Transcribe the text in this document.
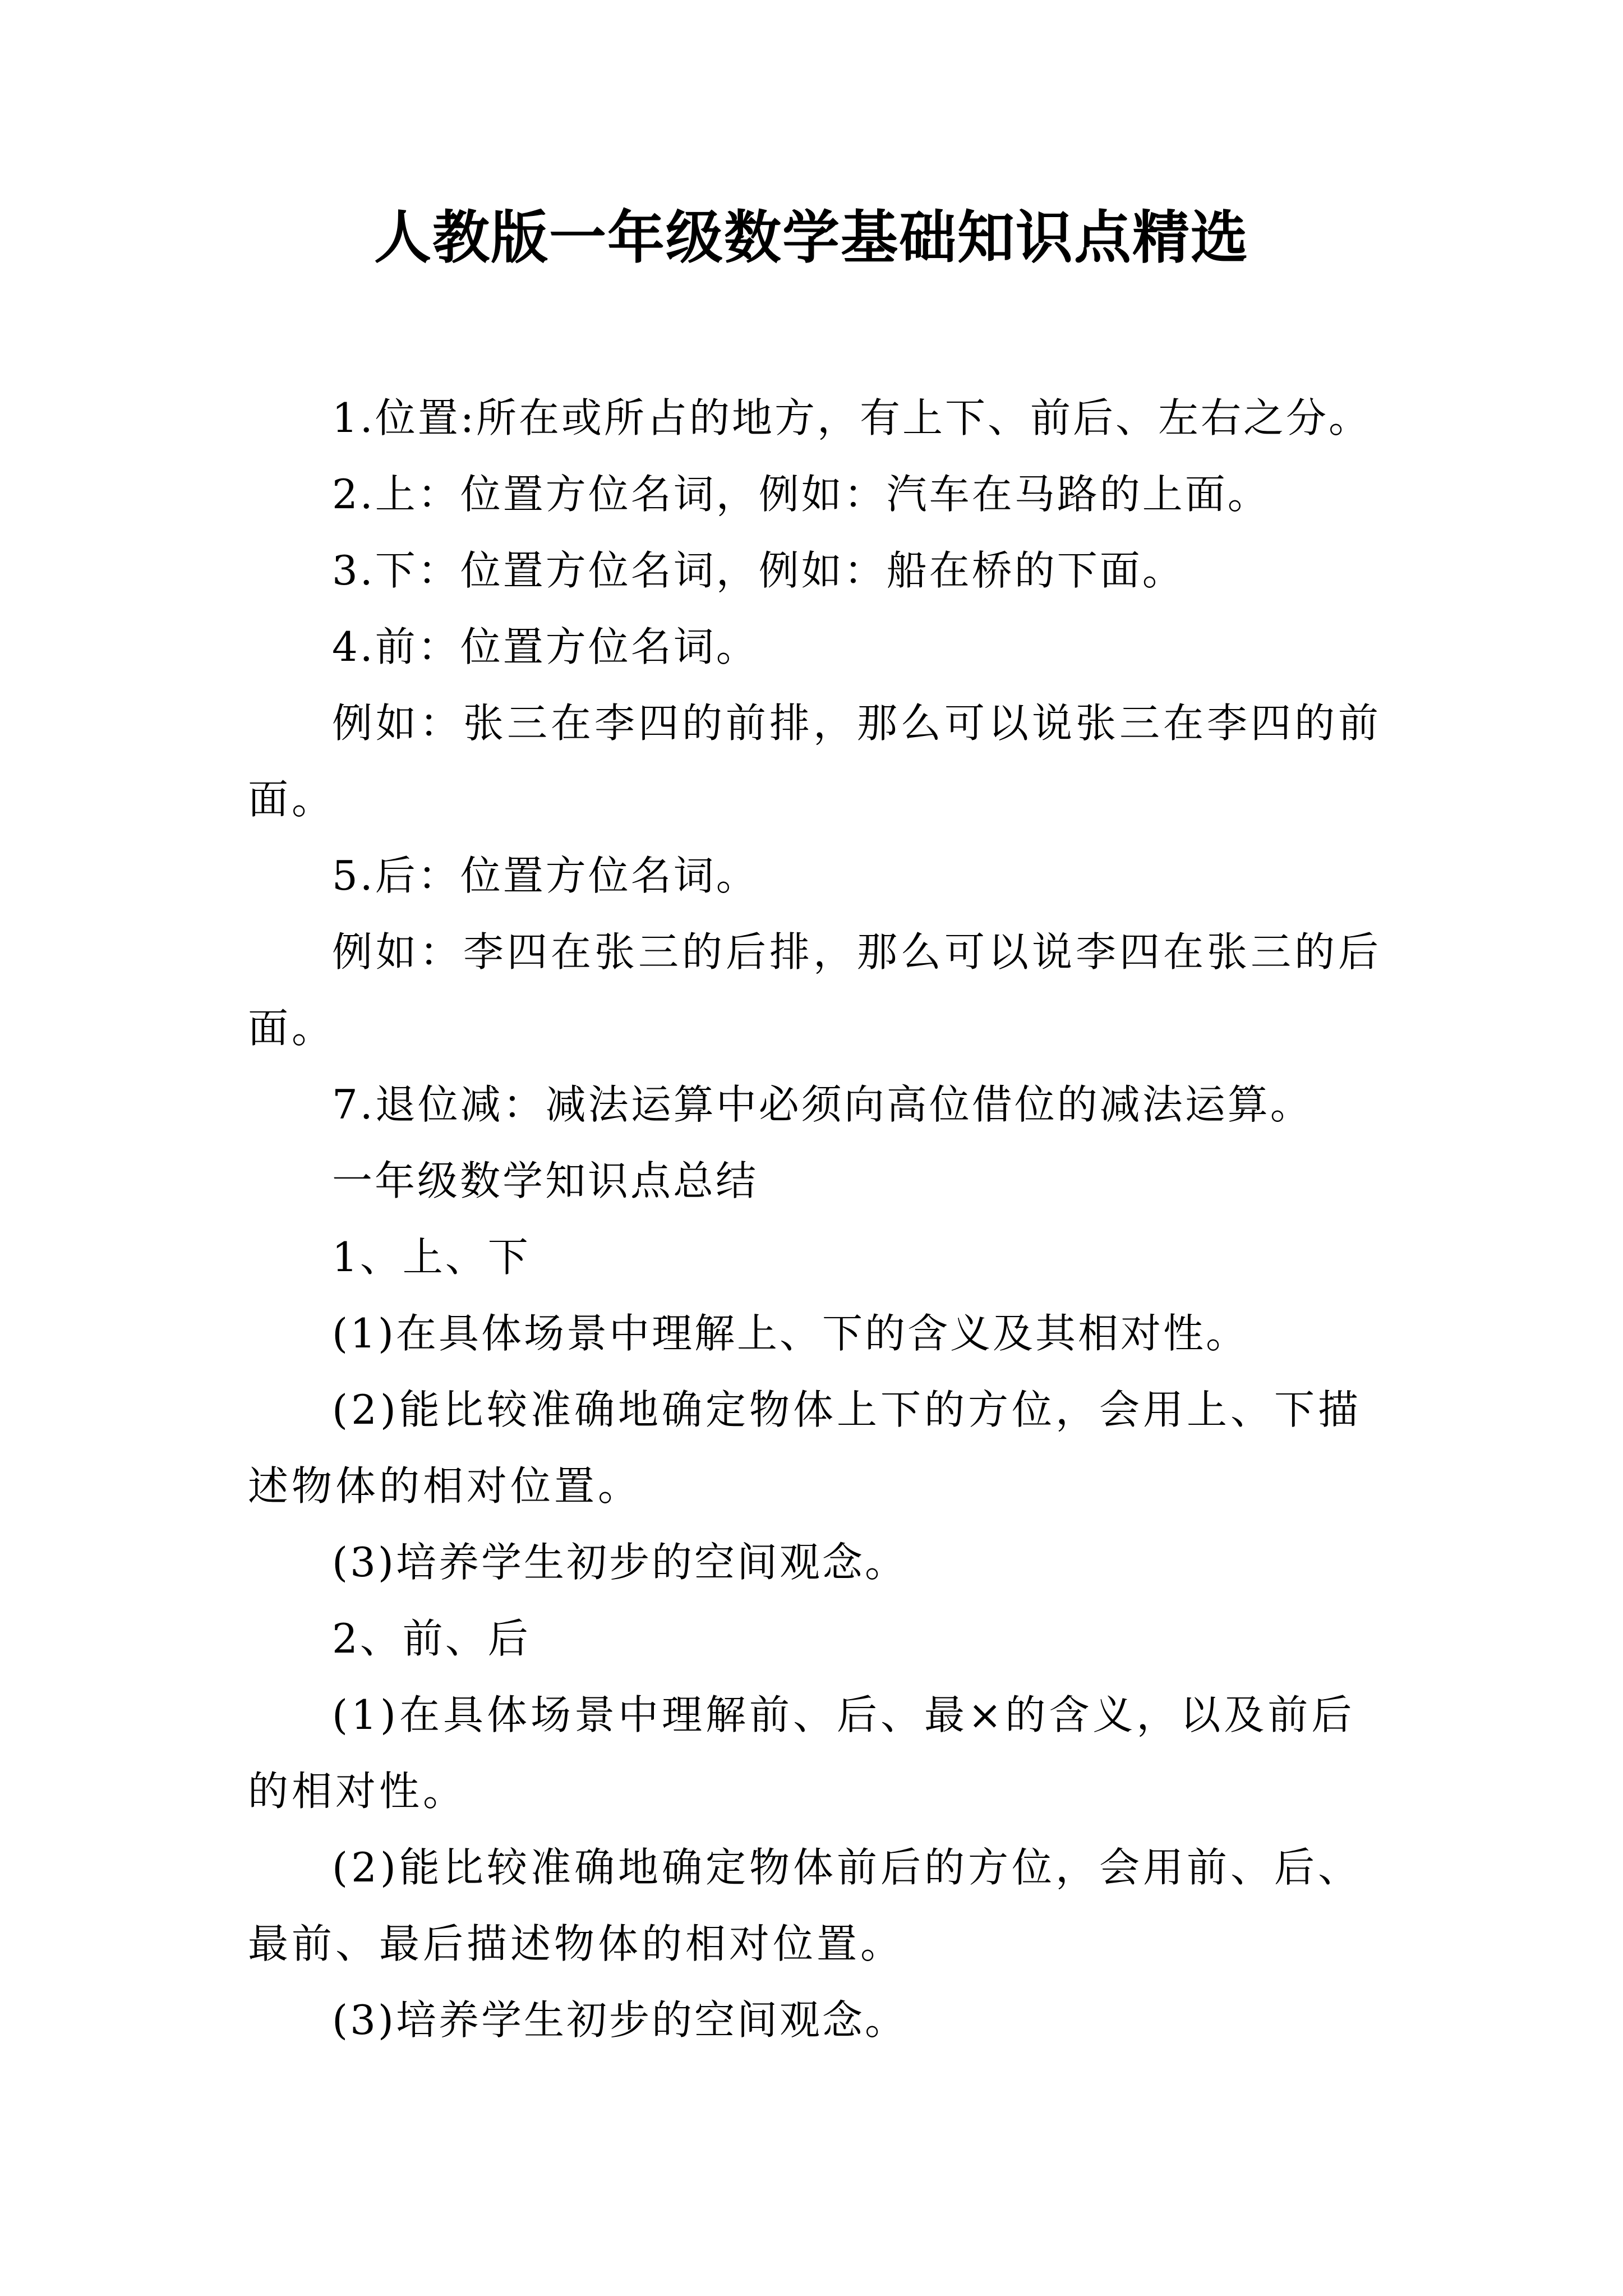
人教版一年级数学基础知识点精选

1.位置:所在或所占的地方，有上下、前后、左右之分。

2.上：位置方位名词，例如：汽车在马路的上面。

3.下：位置方位名词，例如：船在桥的下面。

4.前：位置方位名词。

例如：张三在李四的前排，那么可以说张三在李四的前面。

5.后：位置方位名词。

例如：李四在张三的后排，那么可以说李四在张三的后面。

7.退位减：减法运算中必须向高位借位的减法运算。

一年级数学知识点总结

1、上、下

(1)在具体场景中理解上、下的含义及其相对性。

(2)能比较准确地确定物体上下的方位，会用上、下描述物体的相对位置。

(3)培养学生初步的空间观念。

2、前、后

(1)在具体场景中理解前、后、最×的含义，以及前后的相对性。

(2)能比较准确地确定物体前后的方位，会用前、后、最前、最后描述物体的相对位置。

(3)培养学生初步的空间观念。
